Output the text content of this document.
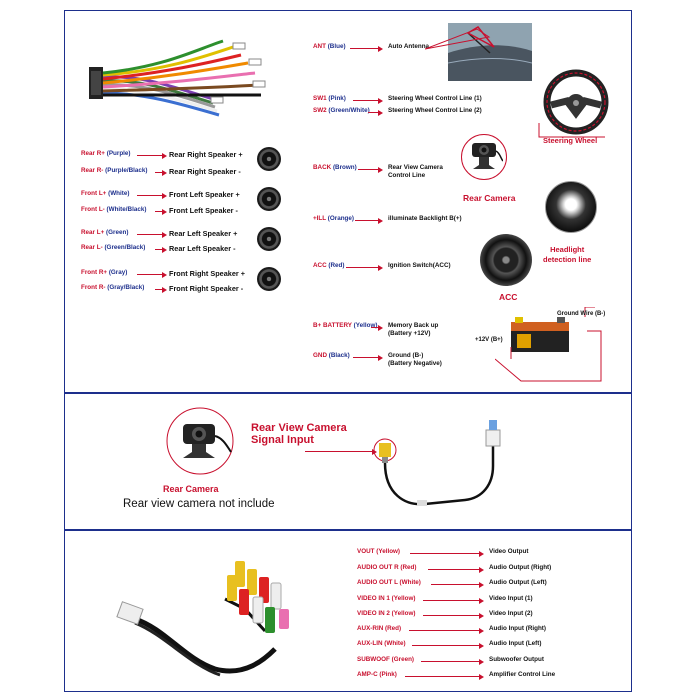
Rear R+ (Purple)	Rear Right Speaker +
Rear R- (Purple/Black)	Rear Right Speaker -
Front L+ (White)	Front Left Speaker +
Front L- (White/Black)	Front Left Speaker -
Rear L+ (Green)	Rear Left Speaker +
Rear L- (Green/Black)	Rear Left Speaker -
Front R+ (Gray)	Front Right Speaker +
Front R- (Gray/Black)	Front Right Speaker -
ANT (Blue)	Auto Antenna
SW1 (Pink)	Steering Wheel Control Line (1)
SW2 (Green/White)	Steering Wheel Control Line (2)
BACK (Brown)	Rear View Camera
Control Line
+ILL (Orange)	illuminate Backlight B(+)
ACC (Red)	Ignition Switch(ACC)
B+ BATTERY (Yellow) Memory Back up
(Battery +12V)
GND (Black)	Ground (B-)
(Battery Negative)
Steering Wheel
Rear Camera
Headlight
detection line
ACC
Ground Wire (B-)
+12V (B+)
Rear View Camera
Signal Input
Rear Camera
Rear view camera not include
VOUT (Yellow)	Video Output
AUDIO OUT R (Red)	Audio Output (Right)
AUDIO OUT L (White)	Audio Output (Left)
VIDEO IN 1 (Yellow)	Video Input (1)
VIDEO IN 2 (Yellow)	Video Input (2)
AUX-RIN (Red)	Audio Input (Right)
AUX-LIN (White)	Audio Input (Left)
SUBWOOF (Green)	Subwoofer Output
AMP-C (Pink)	Amplifier Control Line
